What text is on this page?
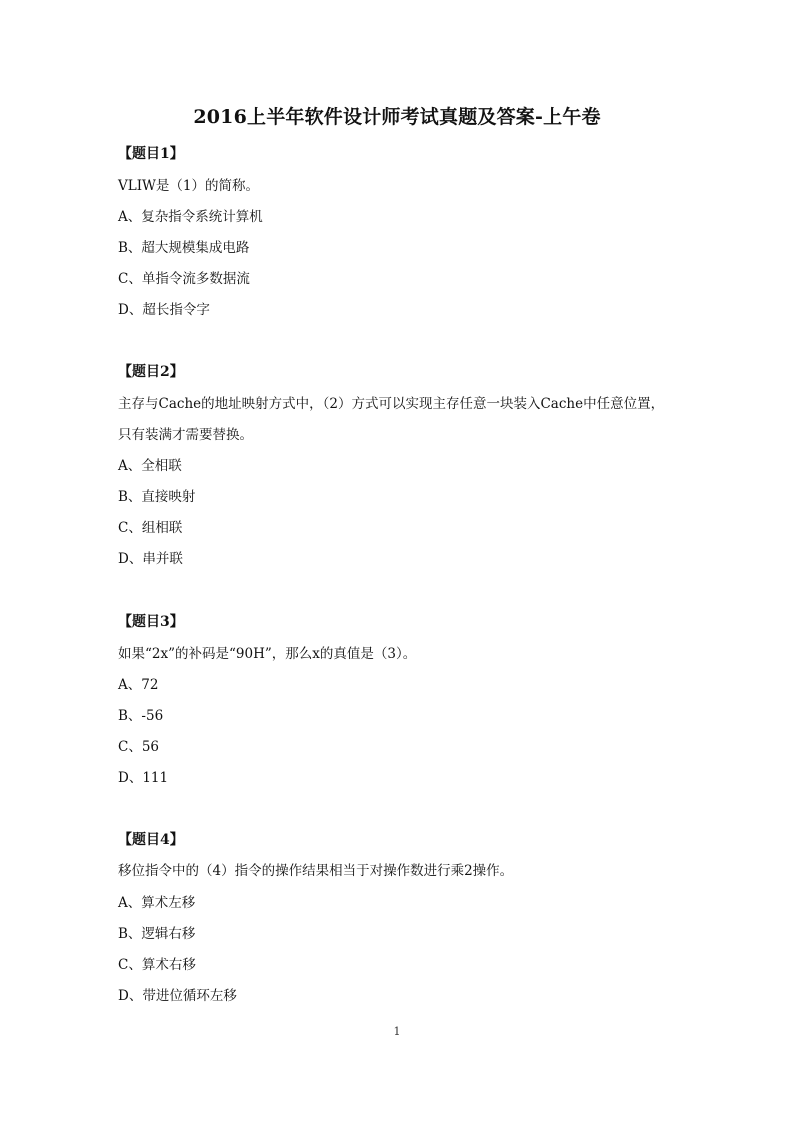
2016上半年软件设计师考试真题及答案-上午卷
【题目1】
VLIW是（1）的简称。
A、复杂指令系统计算机
B、超大规模集成电路
C、单指令流多数据流
D、超长指令字
【题目2】
主存与Cache的地址映射方式中，（2）方式可以实现主存任意一块装入Cache中任意位置，
只有装满才需要替换。
A、全相联
B、直接映射
C、组相联
D、串并联
【题目3】
如果“2x”的补码是“90H”，那么x的真值是（3）。
A、72
B、-56
C、56
D、111
【题目4】
移位指令中的（4）指令的操作结果相当于对操作数进行乘2操作。
A、算术左移
B、逻辑右移
C、算术右移
D、带进位循环左移
1
